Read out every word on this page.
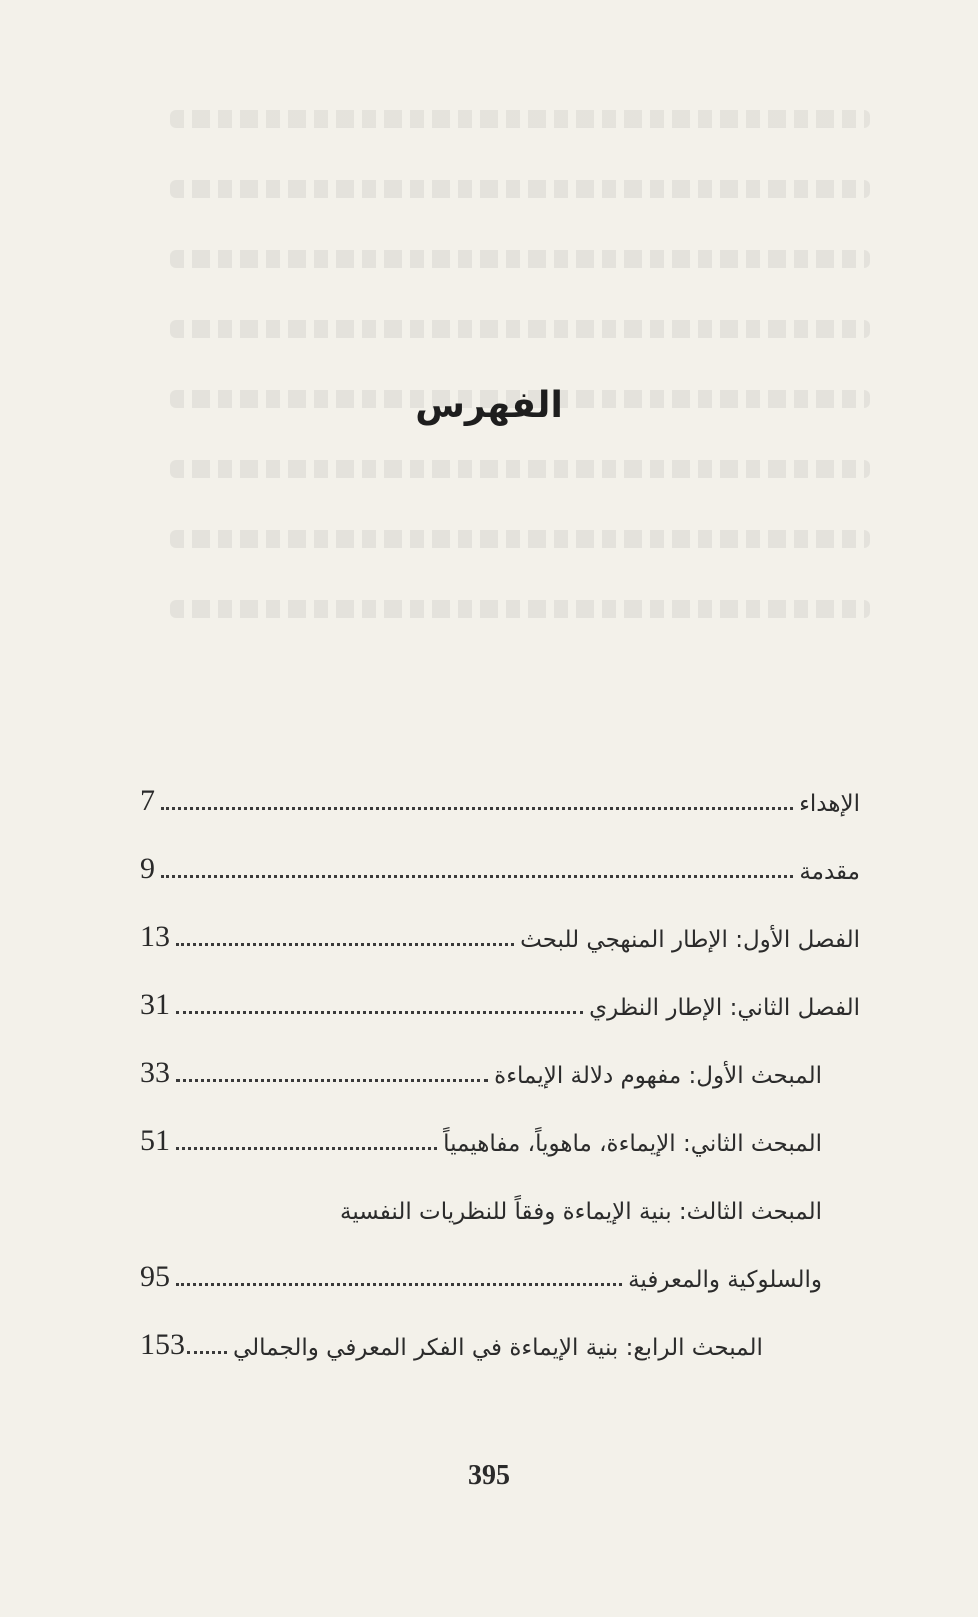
الفهرس
7	الإهداء
9	مقدمة
13	الفصل الأول: الإطار المنهجي للبحث
31	الفصل الثاني: الإطار النظري
33	المبحث الأول: مفهوم دلالة الإيماءة
51	المبحث الثاني: الإيماءة، ماهوياً، مفاهيمياً
المبحث الثالث: بنية الإيماءة وفقاً للنظريات النفسية
95	والسلوكية والمعرفية
153 المبحث الرابع: بنية الإيماءة في الفكر المعرفي والجمالي
395
